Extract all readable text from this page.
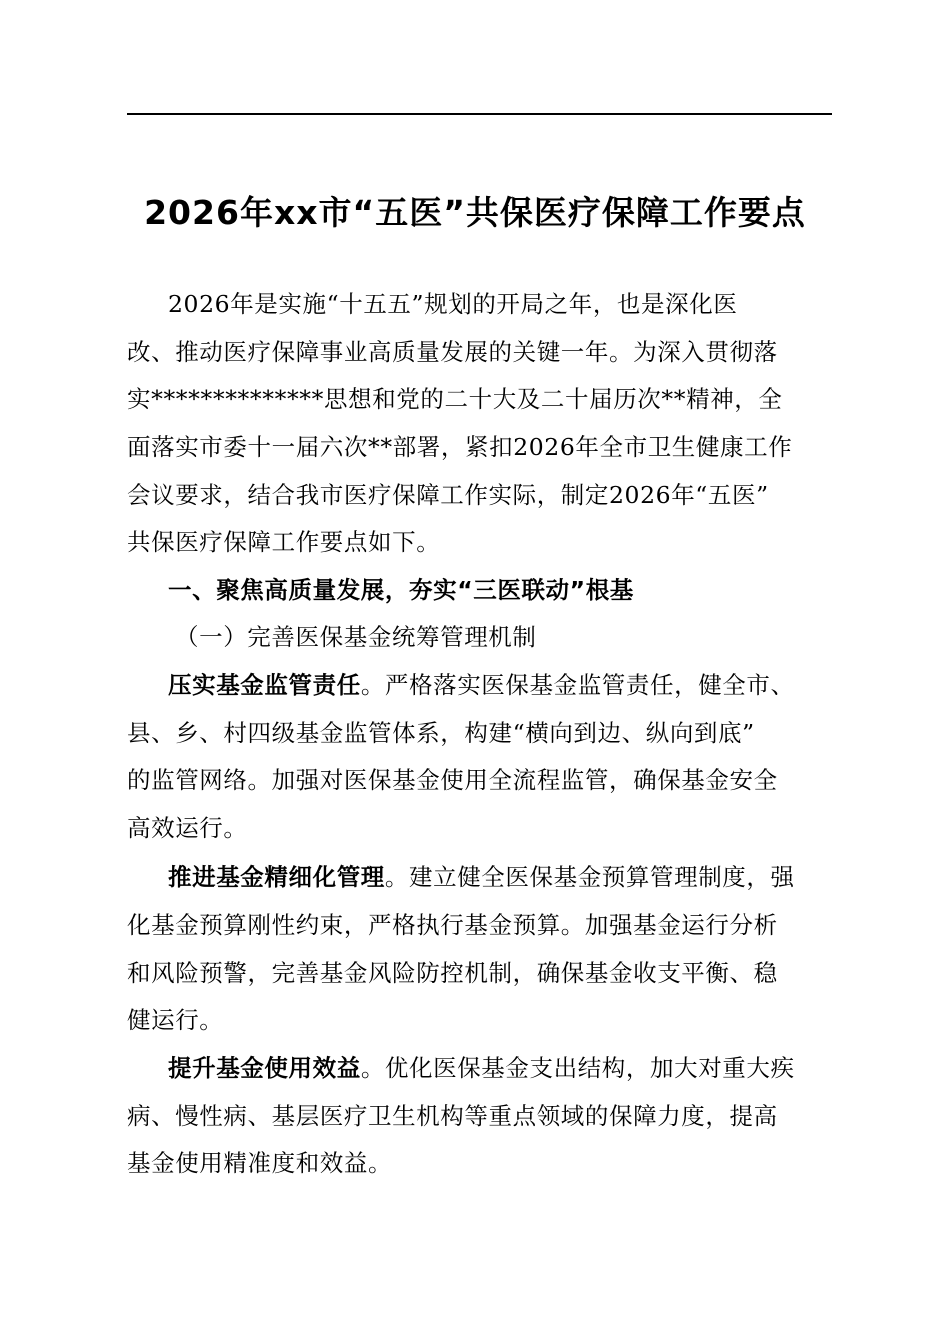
2026年xx市“五医”共保医疗保障工作要点
2026年是实施“十五五”规划的开局之年，也是深化医
改、推动医疗保障事业高质量发展的关键一年。为深入贯彻落
实**************思想和党的二十大及二十届历次**精神，全
面落实市委十一届六次**部署，紧扣2026年全市卫生健康工作
会议要求，结合我市医疗保障工作实际，制定2026年“五医”
共保医疗保障工作要点如下。
一、聚焦高质量发展，夯实“三医联动”根基
（一）完善医保基金统筹管理机制
压实基金监管责任。严格落实医保基金监管责任，健全市、
县、乡、村四级基金监管体系，构建“横向到边、纵向到底”
的监管网络。加强对医保基金使用全流程监管，确保基金安全
高效运行。
推进基金精细化管理。建立健全医保基金预算管理制度，强
化基金预算刚性约束，严格执行基金预算。加强基金运行分析
和风险预警，完善基金风险防控机制，确保基金收支平衡、稳
健运行。
提升基金使用效益。优化医保基金支出结构，加大对重大疾
病、慢性病、基层医疗卫生机构等重点领域的保障力度，提高
基金使用精准度和效益。
